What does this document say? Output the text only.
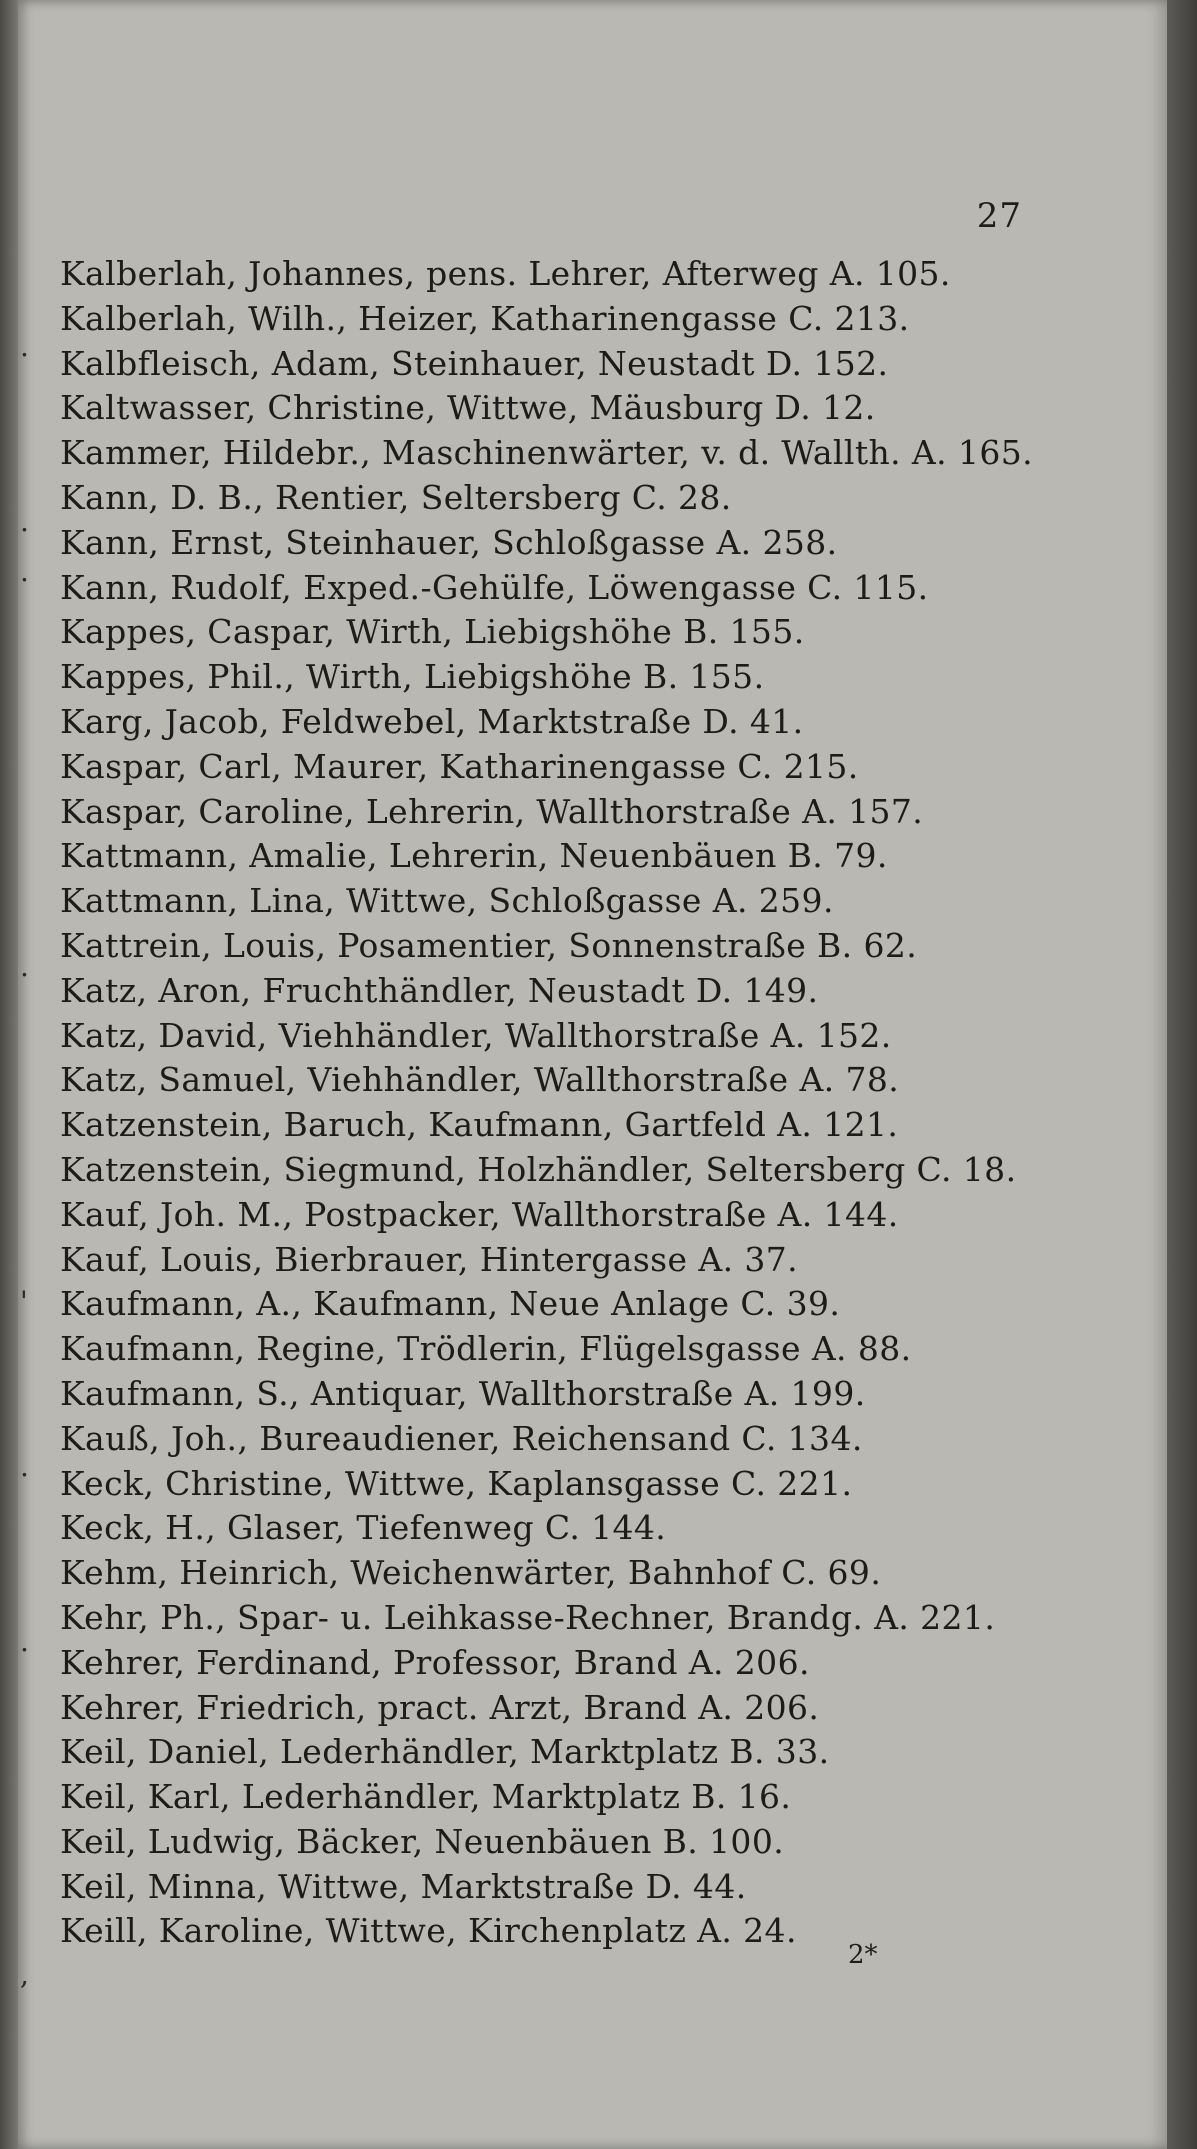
27
Kalberlah, Johannes, pens. Lehrer, Afterweg A. 105.
Kalberlah, Wilh., Heizer, Katharinengasse C. 213.
Kalbfleisch, Adam, Steinhauer, Neustadt D. 152.
Kaltwasser, Christine, Wittwe, Mäusburg D. 12.
Kammer, Hildebr., Maschinenwärter, v. d. Wallth. A. 165.
Kann, D. B., Rentier, Seltersberg C. 28.
Kann, Ernst, Steinhauer, Schloßgasse A. 258.
Kann, Rudolf, Exped.-Gehülfe, Löwengasse C. 115.
Kappes, Caspar, Wirth, Liebigshöhe B. 155.
Kappes, Phil., Wirth, Liebigshöhe B. 155.
Karg, Jacob, Feldwebel, Marktstraße D. 41.
Kaspar, Carl, Maurer, Katharinengasse C. 215.
Kaspar, Caroline, Lehrerin, Wallthorstraße A. 157.
Kattmann, Amalie, Lehrerin, Neuenbäuen B. 79.
Kattmann, Lina, Wittwe, Schloßgasse A. 259.
Kattrein, Louis, Posamentier, Sonnenstraße B. 62.
Katz, Aron, Fruchthändler, Neustadt D. 149.
Katz, David, Viehhändler, Wallthorstraße A. 152.
Katz, Samuel, Viehhändler, Wallthorstraße A. 78.
Katzenstein, Baruch, Kaufmann, Gartfeld A. 121.
Katzenstein, Siegmund, Holzhändler, Seltersberg C. 18.
Kauf, Joh. M., Postpacker, Wallthorstraße A. 144.
Kauf, Louis, Bierbrauer, Hintergasse A. 37.
Kaufmann, A., Kaufmann, Neue Anlage C. 39.
Kaufmann, Regine, Trödlerin, Flügelsgasse A. 88.
Kaufmann, S., Antiquar, Wallthorstraße A. 199.
Kauß, Joh., Bureaudiener, Reichensand C. 134.
Keck, Christine, Wittwe, Kaplansgasse C. 221.
Keck, H., Glaser, Tiefenweg C. 144.
Kehm, Heinrich, Weichenwärter, Bahnhof C. 69.
Kehr, Ph., Spar- u. Leihkasse-Rechner, Brandg. A. 221.
Kehrer, Ferdinand, Professor, Brand A. 206.
Kehrer, Friedrich, pract. Arzt, Brand A. 206.
Keil, Daniel, Lederhändler, Marktplatz B. 33.
Keil, Karl, Lederhändler, Marktplatz B. 16.
Keil, Ludwig, Bäcker, Neuenbäuen B. 100.
Keil, Minna, Wittwe, Marktstraße D. 44.
Keill, Karoline, Wittwe, Kirchenplatz A. 24.
2*
.
.
.
.
'
.
.
,
